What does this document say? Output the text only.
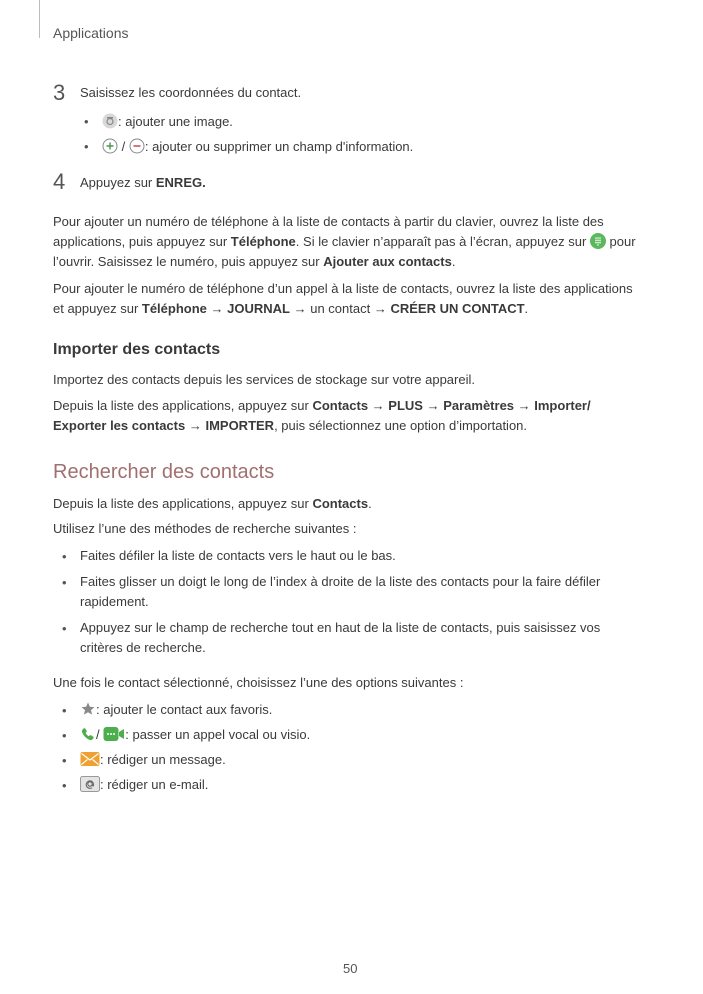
Applications
3 Saisissez les coordonnées du contact.
•	: ajouter une image.
•	/ : ajouter ou supprimer un champ d'information.
4 Appuyez sur ENREG.
Pour ajouter un numéro de téléphone à la liste de contacts à partir du clavier, ouvrez la liste des
applications, puis appuyez sur Téléphone. Si le clavier n’apparaît pas à l’écran, appuyez sur  pour
l’ouvrir. Saisissez le numéro, puis appuyez sur Ajouter aux contacts.
Pour ajouter le numéro de téléphone d’un appel à la liste de contacts, ouvrez la liste des applications
et appuyez sur Téléphone → JOURNAL → un contact → CRÉER UN CONTACT.
Importer des contacts
Importez des contacts depuis les services de stockage sur votre appareil.
Depuis la liste des applications, appuyez sur Contacts → PLUS → Paramètres → Importer/
Exporter les contacts → IMPORTER, puis sélectionnez une option d’importation.
Rechercher des contacts
Depuis la liste des applications, appuyez sur Contacts.
Utilisez l’une des méthodes de recherche suivantes :
• Faites défiler la liste de contacts vers le haut ou le bas.
• Faites glisser un doigt le long de l’index à droite de la liste des contacts pour la faire défiler
rapidement.
• Appuyez sur le champ de recherche tout en haut de la liste de contacts, puis saisissez vos
critères de recherche.
Une fois le contact sélectionné, choisissez l’une des options suivantes :
•	: ajouter le contact aux favoris.
•	/ : passer un appel vocal ou visio.
•	: rédiger un message.
•	: rédiger un e-mail.
50
